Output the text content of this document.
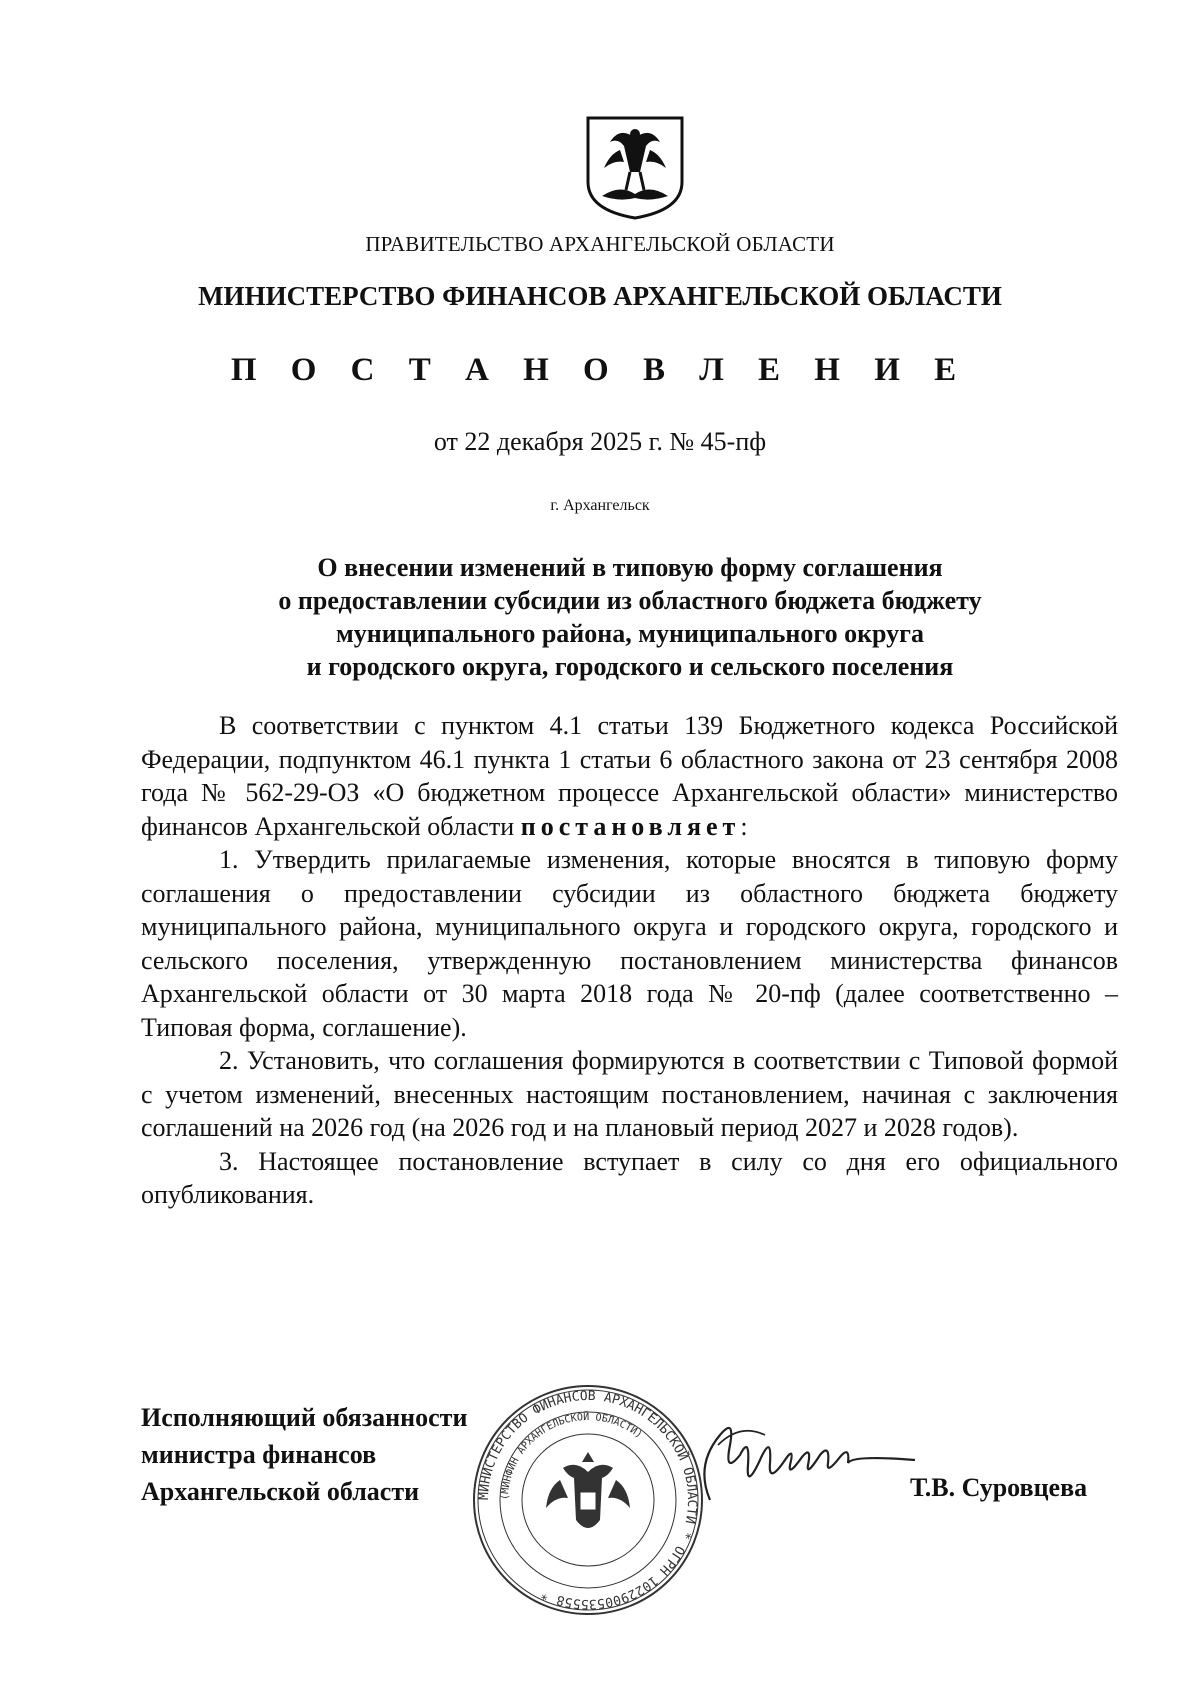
ПРАВИТЕЛЬСТВО АРХАНГЕЛЬСКОЙ ОБЛАСТИ
МИНИСТЕРСТВО ФИНАНСОВ АРХАНГЕЛЬСКОЙ ОБЛАСТИ
П О С Т А Н О В Л Е Н И Е
от 22 декабря 2025 г. № 45-пф
г. Архангельск
О внесении изменений в типовую форму соглашения
о предоставлении субсидии из областного бюджета бюджету
муниципального района, муниципального округа
и городского округа, городского и сельского поселения

В соответствии с пунктом 4.1 статьи 139 Бюджетного кодекса Российской Федерации, подпунктом 46.1 пункта 1 статьи 6 областного закона от 23 сентября 2008 года № 562-29-ОЗ «О бюджетном процессе Архангельской области» министерство финансов Архангельской области постановляет:

1. Утвердить прилагаемые изменения, которые вносятся в типовую форму соглашения о предоставлении субсидии из областного бюджета бюджету муниципального района, муниципального округа и городского округа, городского и сельского поселения, утвержденную постановлением министерства финансов Архангельской области от 30 марта 2018 года № 20-пф (далее соответственно – Типовая форма, соглашение).

2. Установить, что соглашения формируются в соответствии с Типовой формой с учетом изменений, внесенных настоящим постановлением, начиная с заключения соглашений на 2026 год (на 2026 год и на плановый период 2027 и 2028 годов).

3. Настоящее постановление вступает в силу со дня его официального опубликования.

Исполняющий обязанности
министра финансов
Архангельской области	МИНИСТЕРСТВО ФИНАНСОВ АРХАНГЕЛЬСКОЙ ОБЛАСТИ * ОГРН 1022900535558 *
(МИНФИН АРХАНГЕЛЬСКОЙ ОБЛАСТИ)
Т.В. Суровцева
